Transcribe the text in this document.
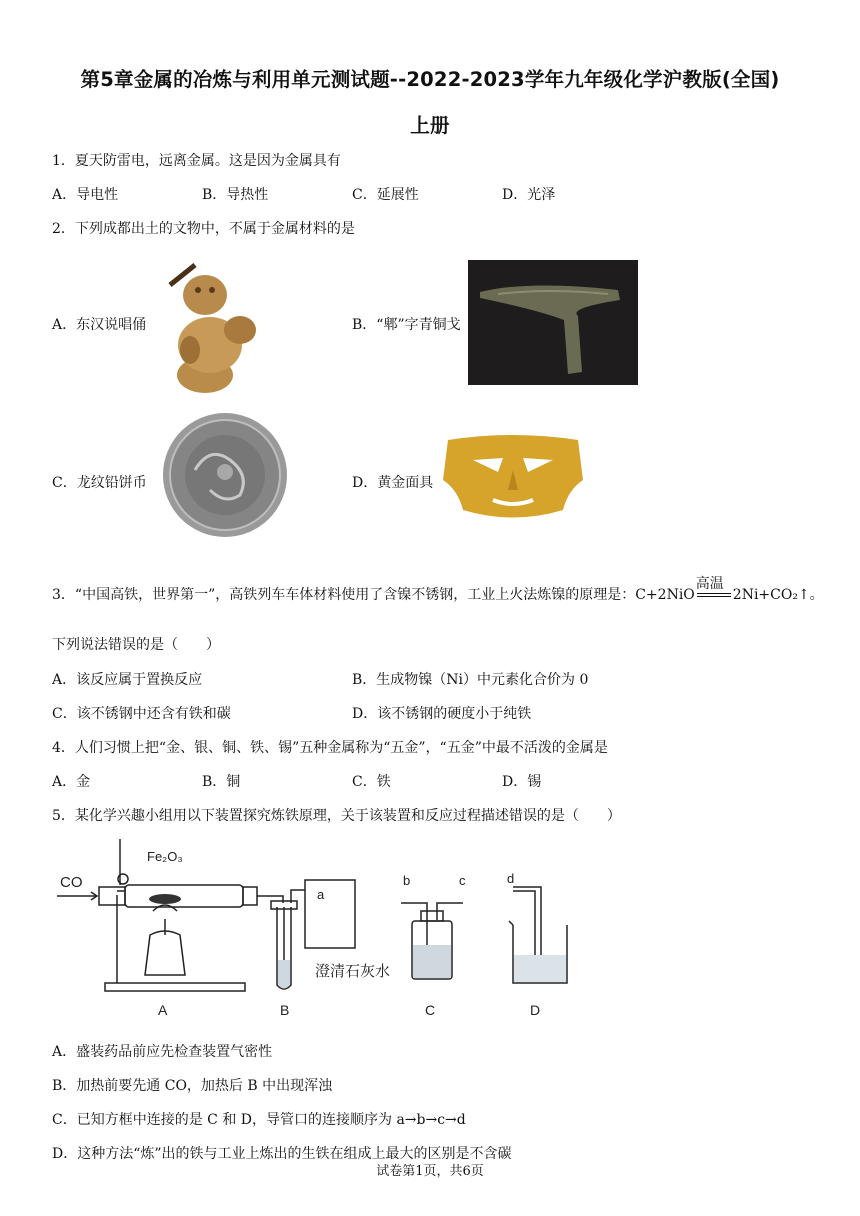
第5章金属的冶炼与利用单元测试题--2022-2023学年九年级化学沪教版(全国)
上册
1．夏天防雷电，远离金属。这是因为金属具有
A．导电性	B．导热性	C．延展性	D．光泽
2．下列成都出土的文物中，不属于金属材料的是
A．东汉说唱俑	B．“郫”字青铜戈
C．龙纹铅饼币	D．黄金面具
3．“中国高铁，世界第一”，高铁列车车体材料使用了含镍不锈钢，工业上火法炼镍的原理是：C+2NiO
高温
2Ni+CO₂↑。
下列说法错误的是（　　）
A．该反应属于置换反应	B．生成物镍（Ni）中元素化合价为 0
C．该不锈钢中还含有铁和碳	D．该不锈钢的硬度小于纯铁
4．人们习惯上把“金、银、铜、铁、锡”五种金属称为“五金”，“五金”中最不活泼的金属是
A．金	B．铜	C．铁	D．锡
5．某化学兴趣小组用以下装置探究炼铁原理，关于该装置和反应过程描述错误的是（　　）
CO
Fe₂O₃
a
b	c	d
澄清石灰水
A	B	C	D
A．盛装药品前应先检查装置气密性
B．加热前要先通 CO，加热后 B 中出现浑浊
C．已知方框中连接的是 C 和 D，导管口的连接顺序为 a→b→c→d
D．这种方法“炼”出的铁与工业上炼出的生铁在组成上最大的区别是不含碳
试卷第1页，共6页
